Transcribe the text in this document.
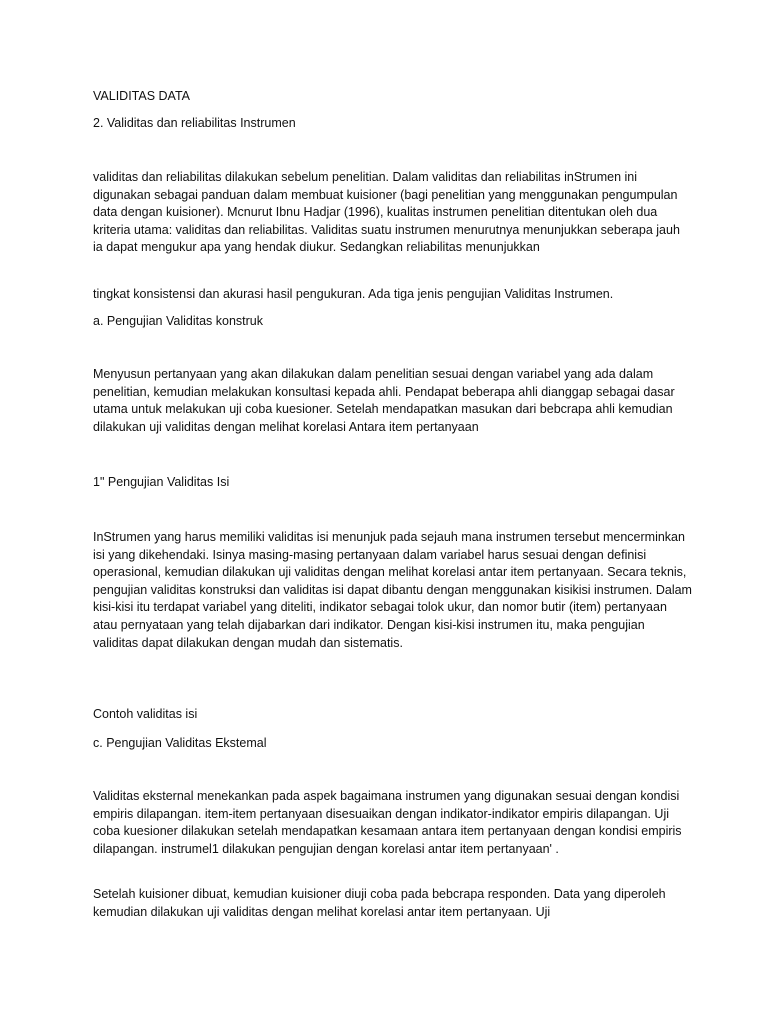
VALIDITAS DATA
2. Validitas dan reliabilitas Instrumen
validitas dan reliabilitas dilakukan sebelum penelitian. Dalam validitas dan reliabilitas inStrumen ini digunakan sebagai panduan dalam membuat kuisioner (bagi penelitian yang menggunakan pengumpulan data dengan kuisioner). Mcnurut Ibnu Hadjar (1996), kualitas instrumen penelitian ditentukan oleh dua kriteria utama: validitas dan reliabilitas. Validitas suatu instrumen menurutnya menunjukkan seberapa jauh ia dapat mengukur apa yang hendak diukur. Sedangkan reliabilitas menunjukkan
tingkat konsistensi dan akurasi hasil pengukuran. Ada tiga jenis pengujian Validitas Instrumen.
a. Pengujian Validitas konstruk
Menyusun pertanyaan yang akan dilakukan dalam penelitian sesuai dengan variabel yang ada dalam penelitian, kemudian melakukan konsultasi kepada ahli. Pendapat beberapa ahli dianggap sebagai dasar utama untuk melakukan uji coba kuesioner. Setelah mendapatkan masukan dari bebcrapa ahli kemudian dilakukan uji validitas dengan melihat korelasi Antara item pertanyaan
1" Pengujian Validitas Isi
InStrumen yang harus memiliki validitas isi menunjuk pada sejauh mana instrumen tersebut mencerminkan isi yang dikehendaki. Isinya masing-masing pertanyaan dalam variabel harus sesuai dengan definisi operasional, kemudian dilakukan uji validitas dengan melihat korelasi antar item pertanyaan. Secara teknis, pengujian validitas konstruksi dan validitas isi dapat dibantu dengan menggunakan kisikisi instrumen. Dalam kisi-kisi itu terdapat variabel yang diteliti, indikator sebagai tolok ukur, dan nomor butir (item) pertanyaan atau pernyataan yang telah dijabarkan dari indikator. Dengan kisi-kisi instrumen itu, maka pengujian validitas dapat dilakukan dengan mudah dan sistematis.
Contoh validitas isi
c. Pengujian Validitas Ekstemal
Validitas eksternal menekankan pada aspek bagaimana instrumen yang digunakan sesuai dengan kondisi empiris dilapangan. item-item pertanyaan disesuaikan dengan indikator-indikator empiris dilapangan. Uji coba kuesioner dilakukan setelah mendapatkan kesamaan antara item pertanyaan dengan kondisi empiris dilapangan. instrumel1 dilakukan pengujian dengan korelasi antar item pertanyaan' .
Setelah kuisioner dibuat, kemudian kuisioner diuji coba pada bebcrapa responden. Data yang diperoleh kemudian dilakukan uji validitas dengan melihat korelasi antar item pertanyaan. Uji
